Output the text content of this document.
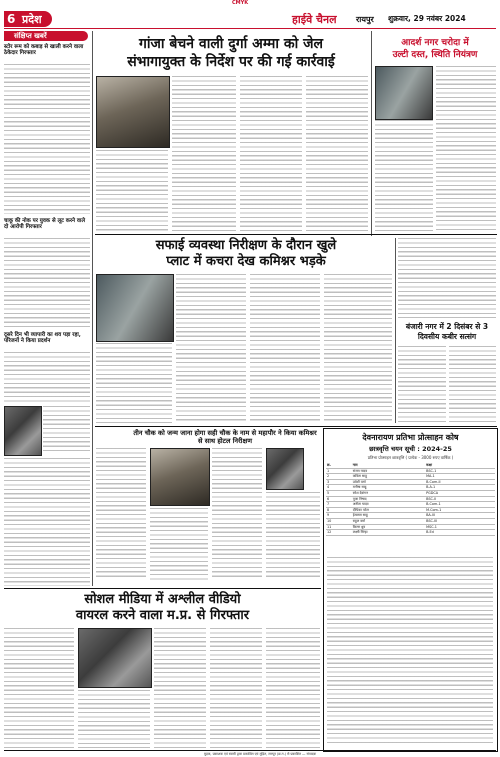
CMYK
6 प्रदेश	हाईवे चैनल रायपुर शुक्रवार, 29 नवंबर 2024
संक्षिप्त खबरें
स्टोर रूम को कबाड़ से खाली करने वाला ठेकेदार गिरफ्तार
चाकू की नोक पर युवक से लूट करने वाले दो आरोपी गिरफ्तार
दूसरे दिन भी व्यापारी का शव पड़ा रहा, परिजनों ने किया प्रदर्शन
गांजा बेचने वाली दुर्गा अम्मा को जेल
संभागायुक्त के निर्देश पर की गई कार्रवाई
आदर्श नगर चरोदा में
उल्टी दस्त, स्थिति नियंत्रण
सफाई व्यवस्था निरीक्षण के दौरान खुले
प्लाट में कचरा देख कमिश्नर भड़के
बंजारी नगर में 2 दिसंबर से 3
दिवसीय कबीर सत्संग
तीन चौक को जन्म जाना होगा सही चौक के नाम से महापौर ने किया कमिश्नर से साथ होटल निरीक्षण	देवनारायण प्रतिभा प्रोत्साहन कोष
छात्रवृत्ति चयन सूची : 2024-25
प्रतिभा प्रोत्साहन छात्रवृत्ति ( प्रत्येक - 3000 रुपए वार्षिक )
क्र.	नाम	कक्षा
1	संजय यादव	BSC-1
2	कविता साहू	MA-1
3	उर्वशी वर्मा	B.Com-II
4	मनीषा साहू	B.A-1
5	रमेश देवांगन	PGDCA
6	पूजा निषाद	BSC-II
7	अनीता यादव	B.Com-1
8	दीपिका पटेल	M.Com-1
9	हेमलता साहू	BA-III
10	राहुल वर्मा	BSC-III
11	किरण ध्रुव	MSC-1
12	लक्ष्मी सिन्हा	B.Ed
सोशल मीडिया में अश्लील वीडियो
वायरल करने वाला म.प्र. से गिरफ्तार
मुद्रक, प्रकाशक एवं स्वामी द्वारा प्रकाशित एवं मुद्रित, रायपुर (छ.ग.) से प्रकाशित — संपादक
